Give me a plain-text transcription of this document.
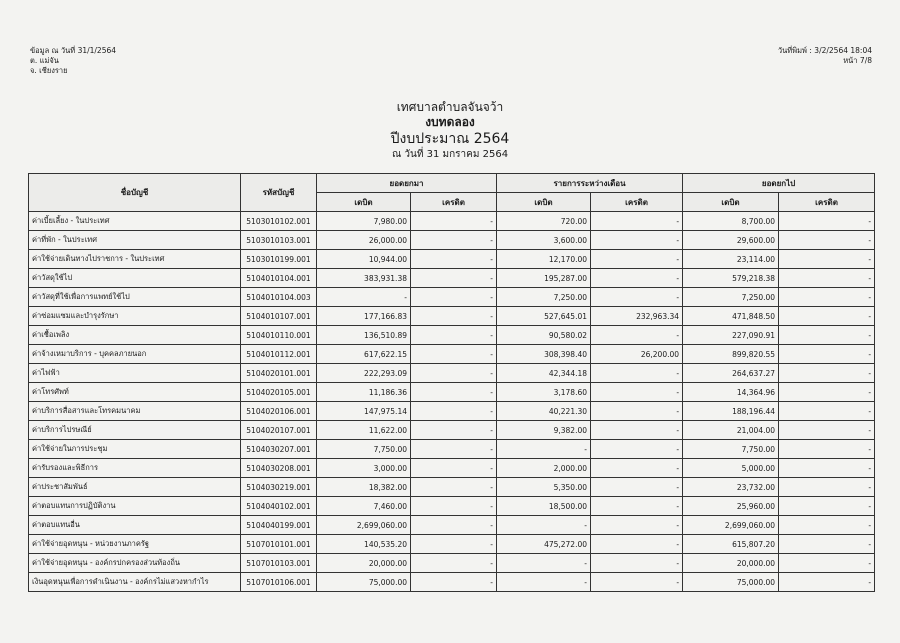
ข้อมูล ณ วันที่ 31/1/2564
ต. แม่จัน
จ. เชียงราย
วันที่พิมพ์ : 3/2/2564 18:04
หน้า 7/8
เทศบาลตำบลจันจว้า
งบทดลอง
ปีงบประมาณ 2564
ณ วันที่ 31 มกราคม 2564
ชื่อบัญชี	รหัสบัญชี	ยอดยกมา		รายการระหว่างเดือน		ยอดยกไป	
		เดบิต	เครดิต	เดบิต	เครดิต	เดบิต	เครดิต
ค่าเบี้ยเลี้ยง - ในประเทศ	5103010102.001	7,980.00	-	720.00	-	8,700.00	-
ค่าที่พัก - ในประเทศ	5103010103.001	26,000.00	-	3,600.00	-	29,600.00	-
ค่าใช้จ่ายเดินทางไปราชการ - ในประเทศ	5103010199.001	10,944.00	-	12,170.00	-	23,114.00	-
ค่าวัสดุใช้ไป	5104010104.001	383,931.38	-	195,287.00	-	579,218.38	-
ค่าวัสดุที่ใช้เพื่อการแพทย์ใช้ไป	5104010104.003	-	-	7,250.00	-	7,250.00	-
ค่าซ่อมแซมและบำรุงรักษา	5104010107.001	177,166.83	-	527,645.01	232,963.34	471,848.50	-
ค่าเชื้อเพลิง	5104010110.001	136,510.89	-	90,580.02	-	227,090.91	-
ค่าจ้างเหมาบริการ - บุคคลภายนอก	5104010112.001	617,622.15	-	308,398.40	26,200.00	899,820.55	-
ค่าไฟฟ้า	5104020101.001	222,293.09	-	42,344.18	-	264,637.27	-
ค่าโทรศัพท์	5104020105.001	11,186.36	-	3,178.60	-	14,364.96	-
ค่าบริการสื่อสารและโทรคมนาคม	5104020106.001	147,975.14	-	40,221.30	-	188,196.44	-
ค่าบริการไปรษณีย์	5104020107.001	11,622.00	-	9,382.00	-	21,004.00	-
ค่าใช้จ่ายในการประชุม	5104030207.001	7,750.00	-	-	-	7,750.00	-
ค่ารับรองและพิธีการ	5104030208.001	3,000.00	-	2,000.00	-	5,000.00	-
ค่าประชาสัมพันธ์	5104030219.001	18,382.00	-	5,350.00	-	23,732.00	-
ค่าตอบแทนการปฏิบัติงาน	5104040102.001	7,460.00	-	18,500.00	-	25,960.00	-
ค่าตอบแทนอื่น	5104040199.001	2,699,060.00	-	-	-	2,699,060.00	-
ค่าใช้จ่ายอุดหนุน - หน่วยงานภาครัฐ	5107010101.001	140,535.20	-	475,272.00	-	615,807.20	-
ค่าใช้จ่ายอุดหนุน - องค์กรปกครองส่วนท้องถิ่น	5107010103.001	20,000.00	-	-	-	20,000.00	-
เงินอุดหนุนเพื่อการดำเนินงาน - องค์กรไม่แสวงหากำไร	5107010106.001	75,000.00	-	-	-	75,000.00	-
